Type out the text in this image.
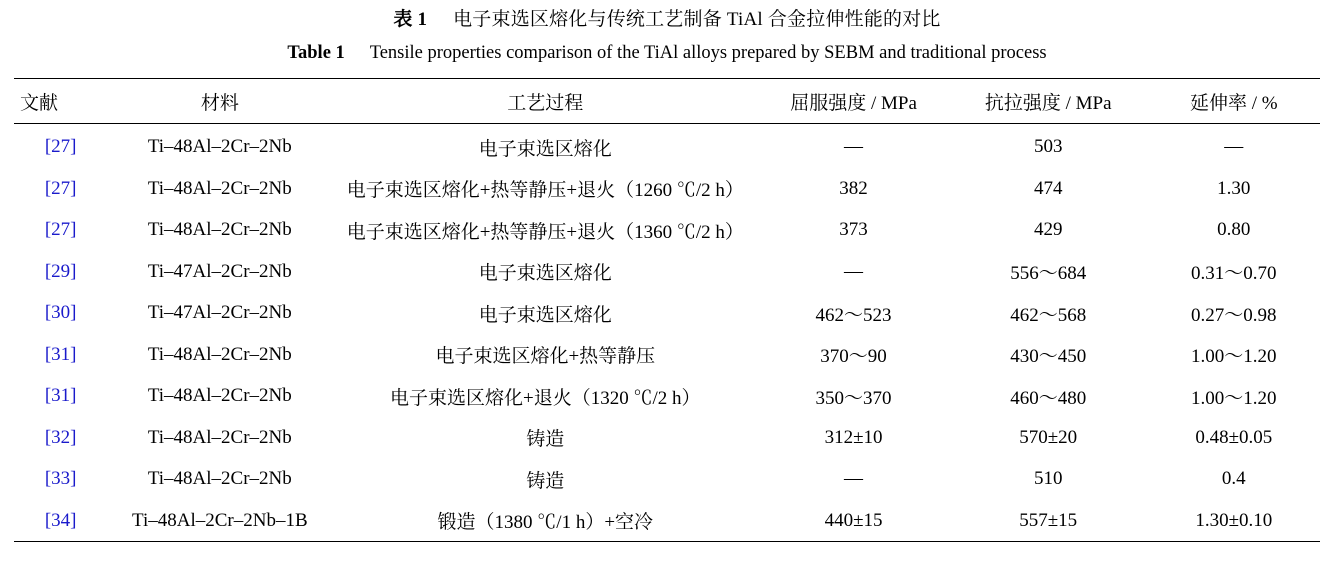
表 1 电子束选区熔化与传统工艺制备 TiAl 合金拉伸性能的对比
Table 1 Tensile properties comparison of the TiAl alloys prepared by SEBM and traditional process
文献	材料	工艺过程	屈服强度 / MPa	抗拉强度 / MPa	延伸率 / %
[27]	Ti–48Al–2Cr–2Nb	电子束选区熔化	—	503	—
[27]	Ti–48Al–2Cr–2Nb	电子束选区熔化+热等静压+退火（1260 ℃/2 h）	382	474	1.30
[27]	Ti–48Al–2Cr–2Nb	电子束选区熔化+热等静压+退火（1360 ℃/2 h）	373	429	0.80
[29]	Ti–47Al–2Cr–2Nb	电子束选区熔化	—	556～684	0.31～0.70
[30]	Ti–47Al–2Cr–2Nb	电子束选区熔化	462～523	462～568	0.27～0.98
[31]	Ti–48Al–2Cr–2Nb	电子束选区熔化+热等静压	370～90	430～450	1.00～1.20
[31]	Ti–48Al–2Cr–2Nb	电子束选区熔化+退火（1320 ℃/2 h）	350～370	460～480	1.00～1.20
[32]	Ti–48Al–2Cr–2Nb	铸造	312±10	570±20	0.48±0.05
[33]	Ti–48Al–2Cr–2Nb	铸造	—	510	0.4
[34]	Ti–48Al–2Cr–2Nb–1B	锻造（1380 ℃/1 h）+空冷	440±15	557±15	1.30±0.10
